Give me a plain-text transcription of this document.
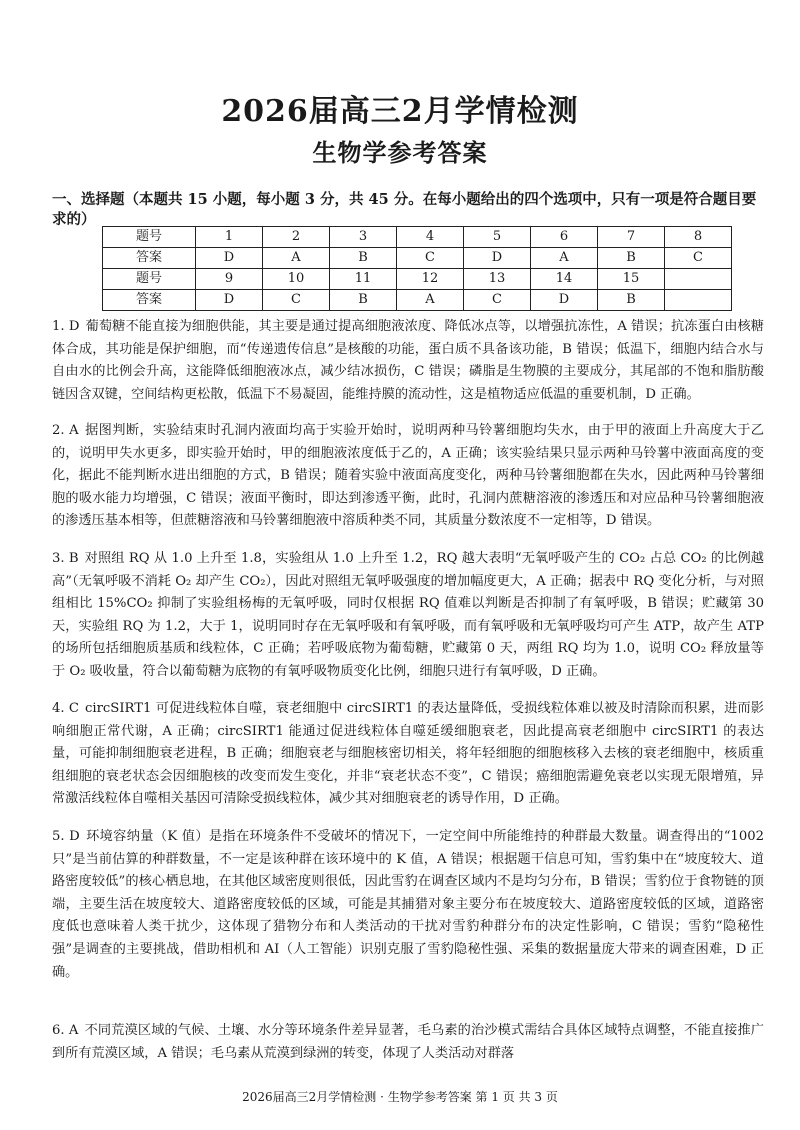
2026届高三2月学情检测
生物学参考答案
一、选择题（本题共 15 小题，每小题 3 分，共 45 分。在每小题给出的四个选项中，只有一项是符合题目要求的）
题号	1	2	3	4	5	6	7	8
答案	D	A	B	C	D	A	B	C
题号	9	10	11	12	13	14	15	
答案	D	C	B	A	C	D	B	
1. D 葡萄糖不能直接为细胞供能，其主要是通过提高细胞液浓度、降低冰点等，以增强抗冻性，A 错误；抗冻蛋白由核糖体合成，其功能是保护细胞，而“传递遗传信息”是核酸的功能，蛋白质不具备该功能，B 错误；低温下，细胞内结合水与自由水的比例会升高，这能降低细胞液冰点，减少结冰损伤，C 错误；磷脂是生物膜的主要成分，其尾部的不饱和脂肪酸链因含双键，空间结构更松散，低温下不易凝固，能维持膜的流动性，这是植物适应低温的重要机制，D 正确。
2. A 据图判断，实验结束时孔洞内液面均高于实验开始时，说明两种马铃薯细胞均失水，由于甲的液面上升高度大于乙的，说明甲失水更多，即实验开始时，甲的细胞液浓度低于乙的，A 正确；该实验结果只显示两种马铃薯中液面高度的变化，据此不能判断水进出细胞的方式，B 错误；随着实验中液面高度变化，两种马铃薯细胞都在失水，因此两种马铃薯细胞的吸水能力均增强，C 错误；液面平衡时，即达到渗透平衡，此时，孔洞内蔗糖溶液的渗透压和对应品种马铃薯细胞液的渗透压基本相等，但蔗糖溶液和马铃薯细胞液中溶质种类不同，其质量分数浓度不一定相等，D 错误。
3. B 对照组 RQ 从 1.0 上升至 1.8，实验组从 1.0 上升至 1.2，RQ 越大表明“无氧呼吸产生的 CO₂ 占总 CO₂ 的比例越高”（无氧呼吸不消耗 O₂ 却产生 CO₂），因此对照组无氧呼吸强度的增加幅度更大，A 正确；据表中 RQ 变化分析，与对照组相比 15%CO₂ 抑制了实验组杨梅的无氧呼吸，同时仅根据 RQ 值难以判断是否抑制了有氧呼吸，B 错误；贮藏第 30 天，实验组 RQ 为 1.2，大于 1，说明同时存在无氧呼吸和有氧呼吸，而有氧呼吸和无氧呼吸均可产生 ATP，故产生 ATP 的场所包括细胞质基质和线粒体，C 正确；若呼吸底物为葡萄糖，贮藏第 0 天，两组 RQ 均为 1.0，说明 CO₂ 释放量等于 O₂ 吸收量，符合以葡萄糖为底物的有氧呼吸物质变化比例，细胞只进行有氧呼吸，D 正确。
4. C circSIRT1 可促进线粒体自噬，衰老细胞中 circSIRT1 的表达量降低，受损线粒体难以被及时清除而积累，进而影响细胞正常代谢，A 正确；circSIRT1 能通过促进线粒体自噬延缓细胞衰老，因此提高衰老细胞中 circSIRT1 的表达量，可能抑制细胞衰老进程，B 正确；细胞衰老与细胞核密切相关，将年轻细胞的细胞核移入去核的衰老细胞中，核质重组细胞的衰老状态会因细胞核的改变而发生变化，并非“衰老状态不变”，C 错误；癌细胞需避免衰老以实现无限增殖，异常激活线粒体自噬相关基因可清除受损线粒体，减少其对细胞衰老的诱导作用，D 正确。
5. D 环境容纳量（K 值）是指在环境条件不受破坏的情况下，一定空间中所能维持的种群最大数量。调查得出的“1002 只”是当前估算的种群数量，不一定是该种群在该环境中的 K 值，A 错误；根据题干信息可知，雪豹集中在“坡度较大、道路密度较低”的核心栖息地，在其他区域密度则很低，因此雪豹在调查区域内不是均匀分布，B 错误；雪豹位于食物链的顶端，主要生活在坡度较大、道路密度较低的区域，可能是其捕猎对象主要分布在坡度较大、道路密度较低的区域，道路密度低也意味着人类干扰少，这体现了猎物分布和人类活动的干扰对雪豹种群分布的决定性影响，C 错误；雪豹“隐秘性强”是调查的主要挑战，借助相机和 AI（人工智能）识别克服了雪豹隐秘性强、采集的数据量庞大带来的调查困难，D 正确。
6. A 不同荒漠区域的气候、土壤、水分等环境条件差异显著，毛乌素的治沙模式需结合具体区域特点调整，不能直接推广到所有荒漠区域，A 错误；毛乌素从荒漠到绿洲的转变，体现了人类活动对群落
2026届高三2月学情检测 · 生物学参考答案 第 1 页 共 3 页
